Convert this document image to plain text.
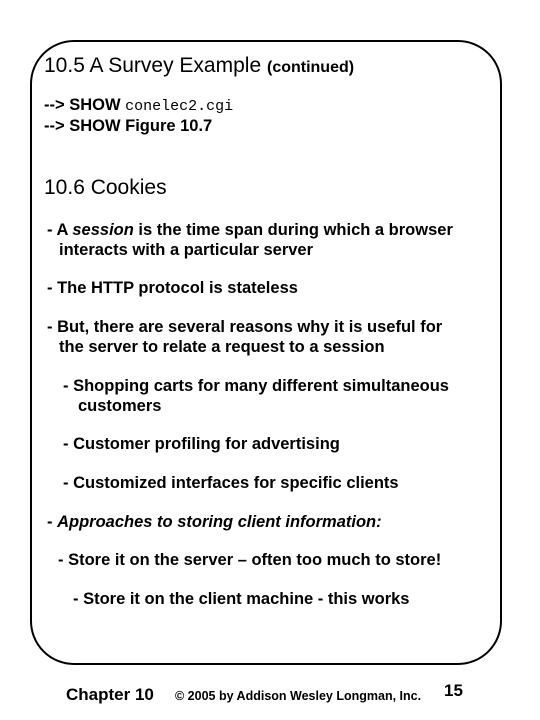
10.5 A Survey Example (continued)
--> SHOW conelec2.cgi
--> SHOW Figure 10.7
10.6 Cookies
- A session is the time span during which a browser
interacts with a particular server
- The HTTP protocol is stateless
- But, there are several reasons why it is useful for
the server to relate a request to a session
- Shopping carts for many different simultaneous
customers
- Customer profiling for advertising
- Customized interfaces for specific clients
- Approaches to storing client information:
- Store it on the server – often too much to store!
- Store it on the client machine - this works
Chapter 10 © 2005 by Addison Wesley Longman, Inc. 15
